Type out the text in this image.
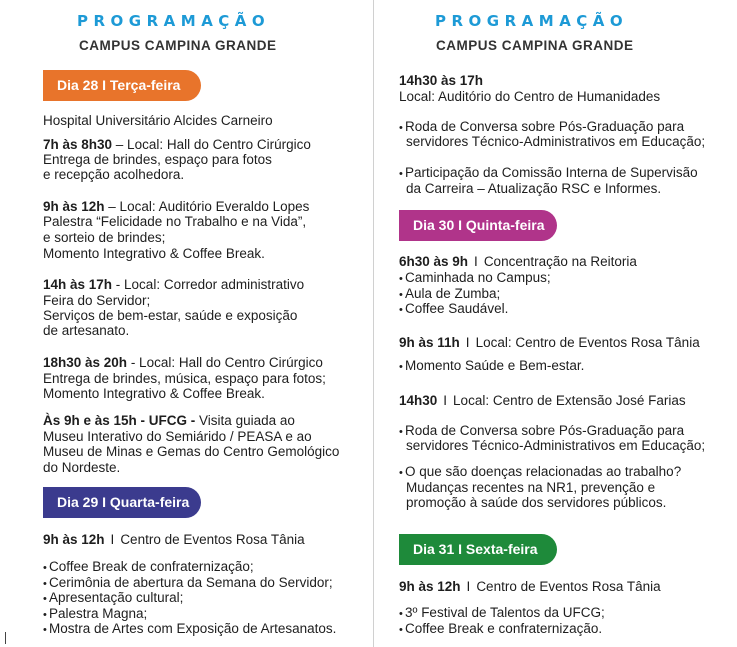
PROGRAMAÇÃO
CAMPUS CAMPINA GRANDE
Dia 28 I Terça-feira
Hospital Universitário Alcides Carneiro
7h às 8h30 – Local: Hall do Centro Cirúrgico
Entrega de brindes, espaço para fotos
e recepção acolhedora.
9h às 12h – Local: Auditório Everaldo Lopes
Palestra “Felicidade no Trabalho e na Vida”,
e sorteio de brindes;
Momento Integrativo & Coffee Break.
14h às 17h - Local: Corredor administrativo
Feira do Servidor;
Serviços de bem-estar, saúde e exposição
de artesanato.
18h30 às 20h - Local: Hall do Centro Cirúrgico
Entrega de brindes, música, espaço para fotos;
Momento Integrativo & Coffee Break.
Às 9h e às 15h - UFCG - Visita guiada ao
Museu Interativo do Semiárido / PEASA e ao
Museu de Minas e Gemas do Centro Gemológico
do Nordeste.
Dia 29 I Quarta-feira
9h às 12h I Centro de Eventos Rosa Tânia
• Coffee Break de confraternização;
• Cerimônia de abertura da Semana do Servidor;
• Apresentação cultural;
• Palestra Magna;
• Mostra de Artes com Exposição de Artesanatos.
PROGRAMAÇÃO
CAMPUS CAMPINA GRANDE
14h30 às 17h
Local: Auditório do Centro de Humanidades
• Roda de Conversa sobre Pós-Graduação para
servidores Técnico-Administrativos em Educação;
• Participação da Comissão Interna de Supervisão
da Carreira – Atualização RSC e Informes.
Dia 30 I Quinta-feira
6h30 às 9h I Concentração na Reitoria
• Caminhada no Campus;
• Aula de Zumba;
• Coffee Saudável.
9h às 11h I Local: Centro de Eventos Rosa Tânia
• Momento Saúde e Bem-estar.
14h30 I Local: Centro de Extensão José Farias
• Roda de Conversa sobre Pós-Graduação para
servidores Técnico-Administrativos em Educação;
• O que são doenças relacionadas ao trabalho?
Mudanças recentes na NR1, prevenção e
promoção à saúde dos servidores públicos.
Dia 31 I Sexta-feira
9h às 12h I Centro de Eventos Rosa Tânia
• 3º Festival de Talentos da UFCG;
• Coffee Break e confraternização.
